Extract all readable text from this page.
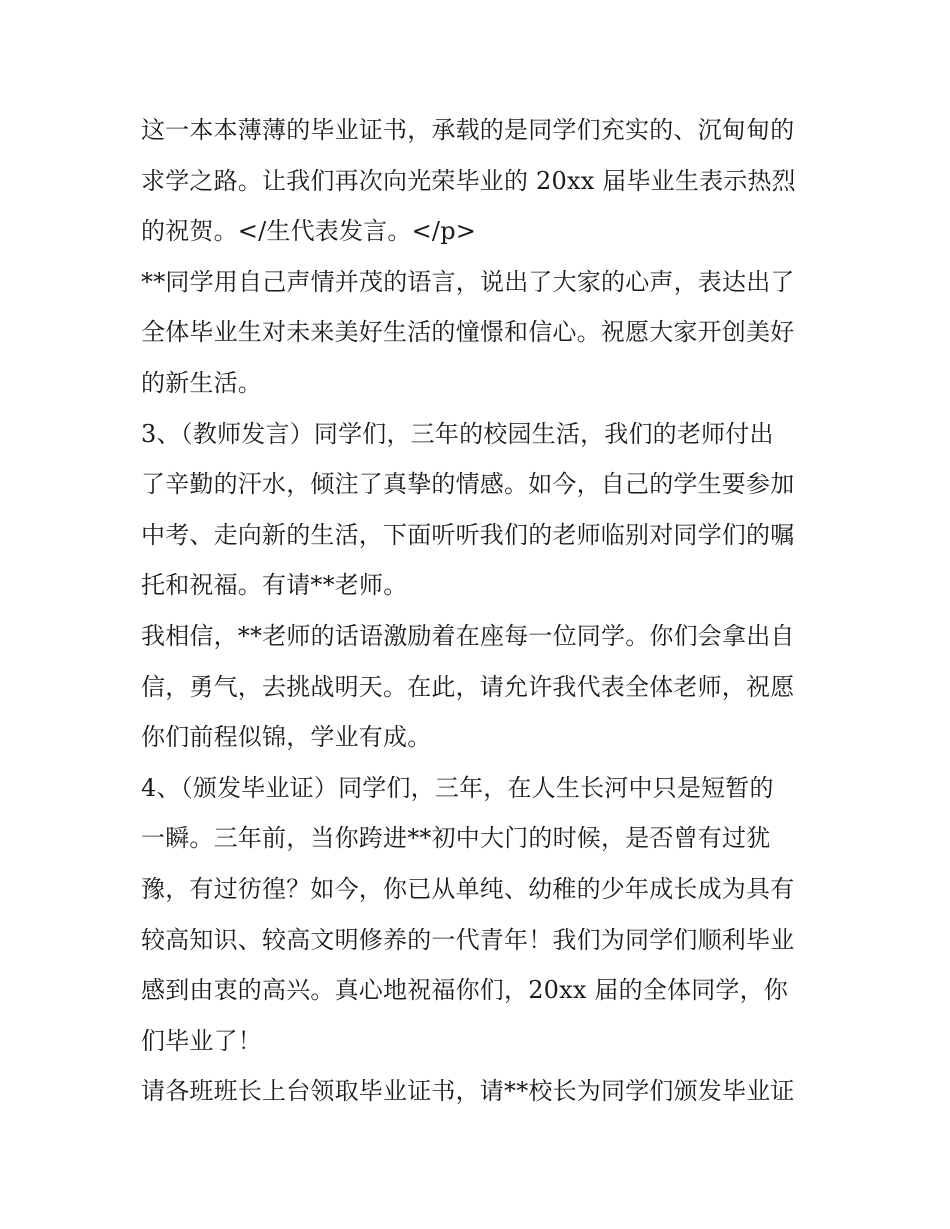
这一本本薄薄的毕业证书，承载的是同学们充实的、沉甸甸的
求学之路。让我们再次向光荣毕业的 20xx 届毕业生表示热烈
的祝贺。</生代表发言。</p>
**同学用自己声情并茂的语言，说出了大家的心声，表达出了
全体毕业生对未来美好生活的憧憬和信心。祝愿大家开创美好
的新生活。
3、（教师发言）同学们，三年的校园生活，我们的老师付出
了辛勤的汗水，倾注了真挚的情感。如今，自己的学生要参加
中考、走向新的生活，下面听听我们的老师临别对同学们的嘱
托和祝福。有请**老师。
我相信，**老师的话语激励着在座每一位同学。你们会拿出自
信，勇气，去挑战明天。在此，请允许我代表全体老师，祝愿
你们前程似锦，学业有成。
4、（颁发毕业证）同学们，三年，在人生长河中只是短暂的
一瞬。三年前，当你跨进**初中大门的时候，是否曾有过犹
豫，有过彷徨？如今，你已从单纯、幼稚的少年成长成为具有
较高知识、较高文明修养的一代青年！我们为同学们顺利毕业
感到由衷的高兴。真心地祝福你们，20xx 届的全体同学，你
们毕业了！
请各班班长上台领取毕业证书，请**校长为同学们颁发毕业证
